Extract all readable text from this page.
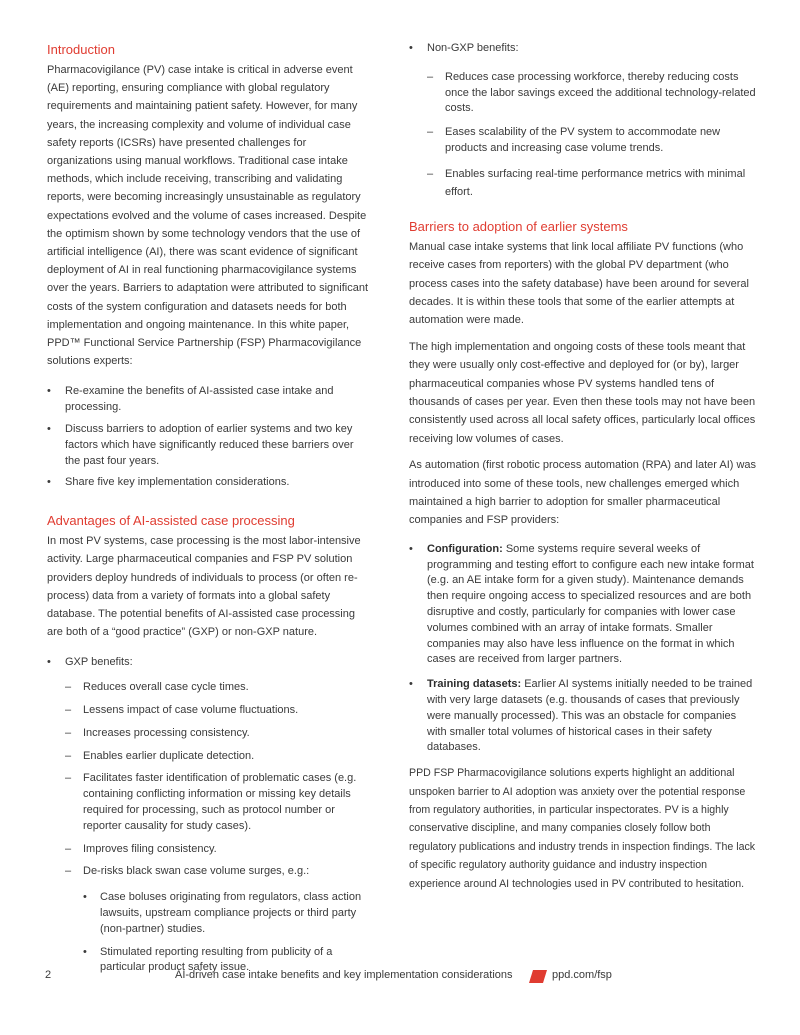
Introduction

Pharmacovigilance (PV) case intake is critical in adverse event (AE) reporting, ensuring compliance with global regulatory requirements and maintaining patient safety. However, for many years, the increasing complexity and volume of individual case safety reports (ICSRs) have presented challenges for organizations using manual workflows. Traditional case intake methods, which include receiving, transcribing and validating reports, were becoming increasingly unsustainable as regulatory expectations evolved and the volume of cases increased. Despite the optimism shown by some technology vendors that the use of artificial intelligence (AI), there was scant evidence of significant deployment of AI in real functioning pharmacovigilance systems over the years. Barriers to adaptation were attributed to significant costs of the system configuration and datasets needs for both implementation and ongoing maintenance. In this white paper, PPD™ Functional Service Partnership (FSP) Pharmacovigilance solutions experts:

• Re-examine the benefits of AI-assisted case intake and processing.
• Discuss barriers to adoption of earlier systems and two key factors which have significantly reduced these barriers over the past four years.
• Share five key implementation considerations.
Advantages of AI-assisted case processing

In most PV systems, case processing is the most labor-intensive activity. Large pharmaceutical companies and FSP PV solution providers deploy hundreds of individuals to process (or often re-process) data from a variety of formats into a global safety database. The potential benefits of AI-assisted case processing are both of a “good practice” (GXP) or non-GXP nature.

• GXP benefits:
– Reduces overall case cycle times.
– Lessens impact of case volume fluctuations.
– Increases processing consistency.
– Enables earlier duplicate detection.
– Facilitates faster identification of problematic cases (e.g. containing conflicting information or missing key details required for processing, such as protocol number or reporter causality for study cases).
– Improves filing consistency.
– De-risks black swan case volume surges, e.g.:
• Case boluses originating from regulators, class action lawsuits, upstream compliance projects or third party (non-partner) studies.
• Stimulated reporting resulting from publicity of a particular product safety issue.
• Non-GXP benefits:
– Reduces case processing workforce, thereby reducing costs once the labor savings exceed the additional technology-related costs.
– Eases scalability of the PV system to accommodate new products and increasing case volume trends.
– Enables surfacing real-time performance metrics with minimal effort.
Barriers to adoption of earlier systems

Manual case intake systems that link local affiliate PV functions (who receive cases from reporters) with the global PV department (who process cases into the safety database) have been around for several decades. It is within these tools that some of the earlier attempts at automation were made.

The high implementation and ongoing costs of these tools meant that they were usually only cost-effective and deployed for (or by), larger pharmaceutical companies whose PV systems handled tens of thousands of cases per year. Even then these tools may not have been consistently used across all local safety offices, particularly local offices receiving low volumes of cases.

As automation (first robotic process automation (RPA) and later AI) was introduced into some of these tools, new challenges emerged which maintained a high barrier to adoption for smaller pharmaceutical companies and FSP providers:

• Configuration: Some systems require several weeks of programming and testing effort to configure each new intake format (e.g. an AE intake form for a given study). Maintenance demands then require ongoing access to specialized resources and are both disruptive and costly, particularly for companies with lower case volumes combined with an array of intake formats. Smaller companies may also have less influence on the format in which cases are received from larger partners.
• Training datasets: Earlier AI systems initially needed to be trained with very large datasets (e.g. thousands of cases that previously were manually processed). This was an obstacle for companies with smaller total volumes of historical cases in their safety databases.

PPD FSP Pharmacovigilance solutions experts highlight an additional unspoken barrier to AI adoption was anxiety over the potential response from regulatory authorities, in particular inspectorates. PV is a highly conservative discipline, and many companies closely follow both regulatory publications and industry trends in inspection findings. The lack of specific regulatory authority guidance and industry inspection experience around AI technologies used in PV contributed to hesitation.

2	AI-driven case intake benefits and key implementation considerations	ppd.com/fsp
